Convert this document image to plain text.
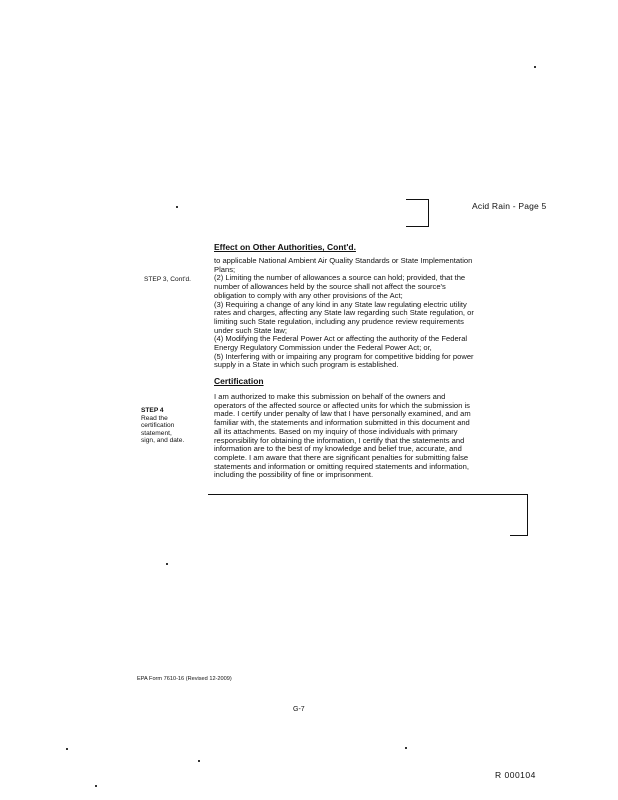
Acid Rain - Page 5
Effect on Other Authorities, Cont'd.
STEP 3, Cont'd.
to applicable National Ambient Air Quality Standards or State Implementation
Plans;
(2) Limiting the number of allowances a source can hold; provided, that the
number of allowances held by the source shall not affect the source's
obligation to comply with any other provisions of the Act;
(3) Requiring a change of any kind in any State law regulating electric utility
rates and charges, affecting any State law regarding such State regulation, or
limiting such State regulation, including any prudence review requirements
under such State law;
(4) Modifying the Federal Power Act or affecting the authority of the Federal
Energy Regulatory Commission under the Federal Power Act; or,
(5) Interfering with or impairing any program for competitive bidding for power
supply in a State in which such program is established.
Certification
STEP 4
Read the
certification
statement,
sign, and date.
I am authorized to make this submission on behalf of the owners and
operators of the affected source or affected units for which the submission is
made. I certify under penalty of law that I have personally examined, and am
familiar with, the statements and information submitted in this document and
all its attachments. Based on my inquiry of those individuals with primary
responsibility for obtaining the information, I certify that the statements and
information are to the best of my knowledge and belief true, accurate, and
complete. I am aware that there are significant penalties for submitting false
statements and information or omitting required statements and information,
including the possibility of fine or imprisonment.
EPA Form 7610-16 (Revised 12-2009)
G-7
R 000104
